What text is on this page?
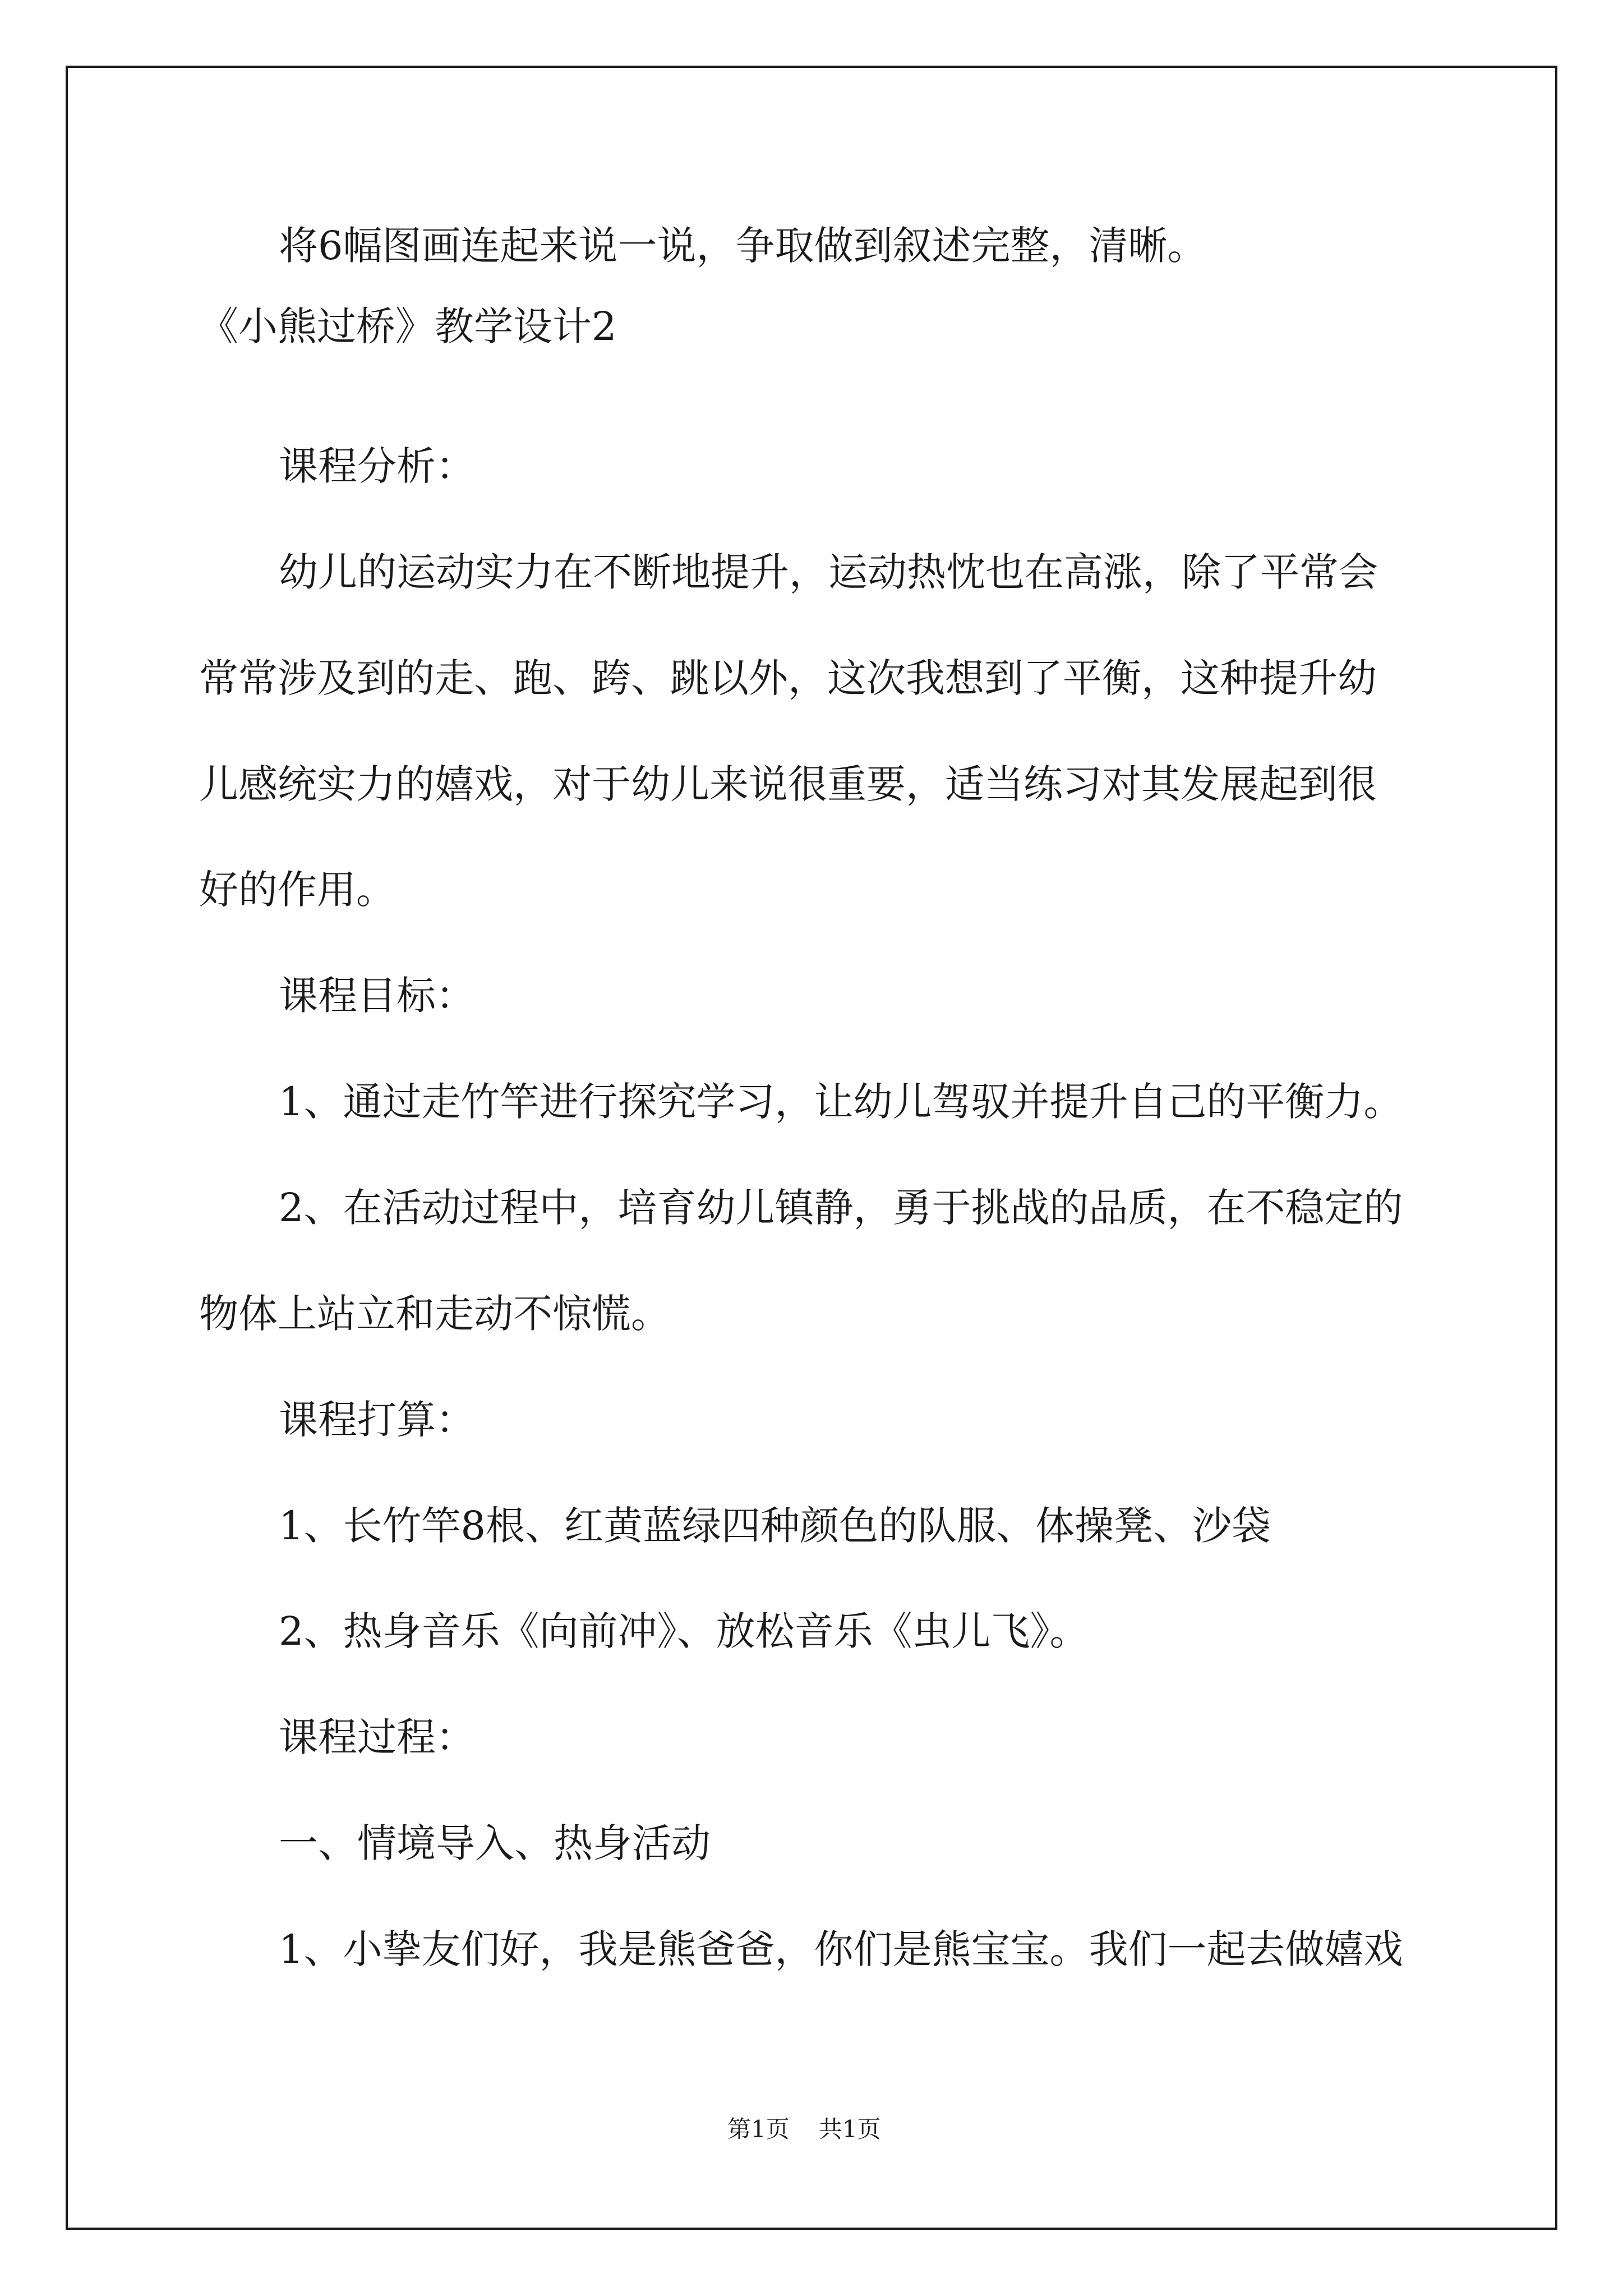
将6幅图画连起来说一说，争取做到叙述完整，清晰。

《小熊过桥》教学设计2

课程分析：

幼儿的运动实力在不断地提升，运动热忱也在高涨，除了平常会

常常涉及到的走、跑、跨、跳以外，这次我想到了平衡，这种提升幼

儿感统实力的嬉戏，对于幼儿来说很重要，适当练习对其发展起到很

好的作用。

课程目标：

1、通过走竹竿进行探究学习，让幼儿驾驭并提升自己的平衡力。

2、在活动过程中，培育幼儿镇静，勇于挑战的品质，在不稳定的

物体上站立和走动不惊慌。

课程打算：

1、长竹竿8根、红黄蓝绿四种颜色的队服、体操凳、沙袋

2、热身音乐《向前冲》、放松音乐《虫儿飞》。

课程过程：

一、情境导入、热身活动

1、小挚友们好，我是熊爸爸，你们是熊宝宝。我们一起去做嬉戏

第1页 共1页
